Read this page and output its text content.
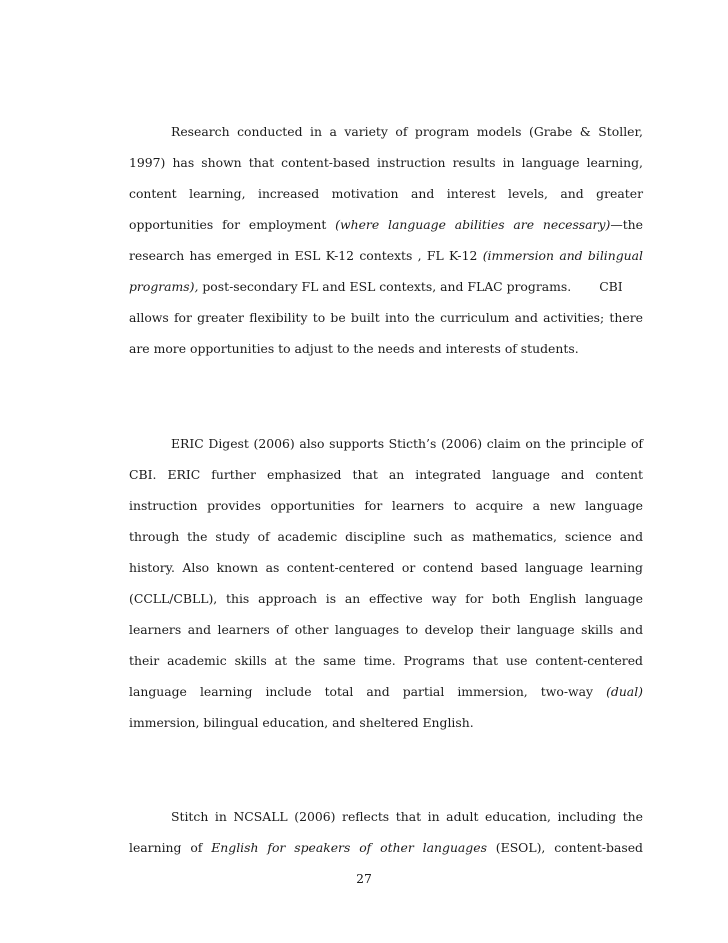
Research conducted in a variety of program models (Grabe & Stoller,
1997) has shown that content-based instruction results in language learning,
content learning, increased motivation and interest levels, and greater
opportunities for employment (where language abilities are necessary)—the
research has emerged in ESL K-12 contexts , FL K-12 (immersion and bilingual
programs), post-secondary FL and ESL contexts, and FLAC programs. CBI
allows for greater flexibility to be built into the curriculum and activities; there
are more opportunities to adjust to the needs and interests of students.
ERIC Digest (2006) also supports Sticth’s (2006) claim on the principle of
CBI. ERIC further emphasized that an integrated language and content
instruction provides opportunities for learners to acquire a new language
through the study of academic discipline such as mathematics, science and
history. Also known as content-centered or contend based language learning
(CCLL/CBLL), this approach is an effective way for both English language
learners and learners of other languages to develop their language skills and
their academic skills at the same time. Programs that use content-centered
language learning include total and partial immersion, two-way (dual)
immersion, bilingual education, and sheltered English.
Stitch in NCSALL (2006) reflects that in adult education, including the
learning of English for speakers of other languages (ESOL), content-based
27
